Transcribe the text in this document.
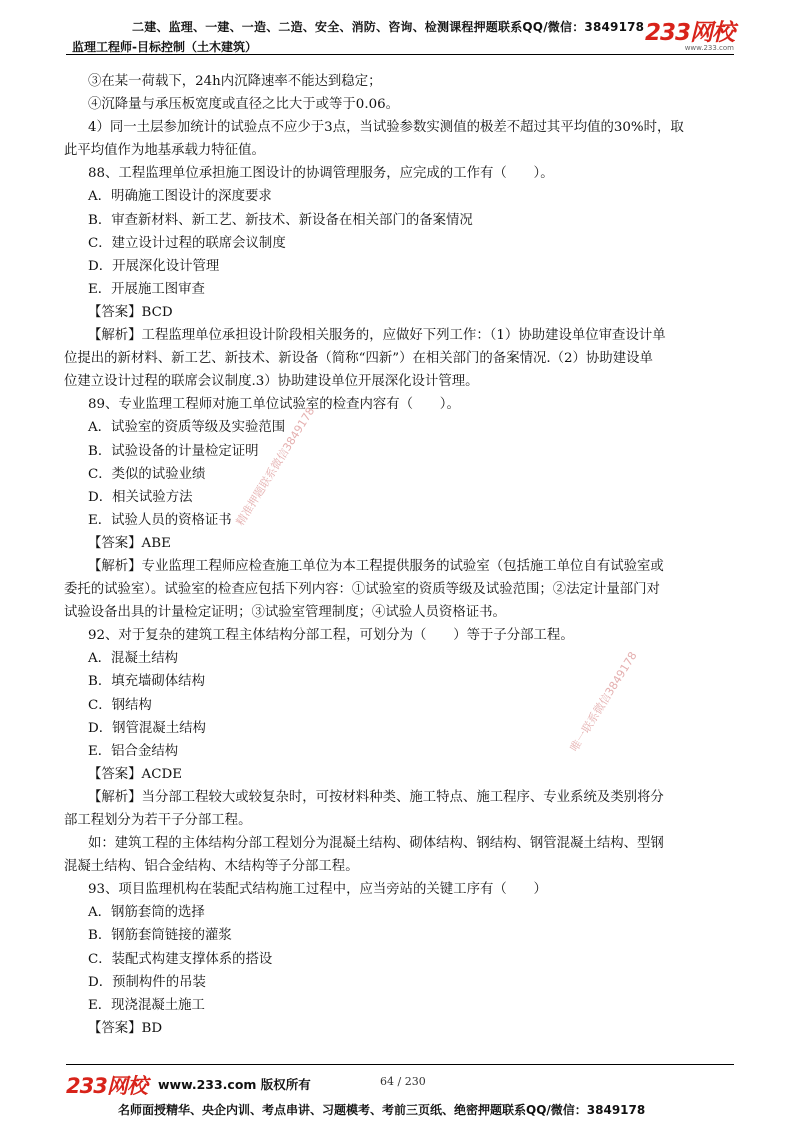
二建、监理、一建、一造、二造、安全、消防、咨询、检测课程押题联系QQ/微信：3849178
监理工程师-目标控制（土木建筑）
233网校
www.233.com

③在某一荷载下，24h内沉降速率不能达到稳定；

④沉降量与承压板宽度或直径之比大于或等于0.06。

4）同一土层参加统计的试验点不应少于3点，当试验参数实测值的极差不超过其平均值的30%时，取

此平均值作为地基承载力特征值。

88、工程监理单位承担施工图设计的协调管理服务，应完成的工作有（　　）。

A．明确施工图设计的深度要求

B．审查新材料、新工艺、新技术、新设备在相关部门的备案情况

C．建立设计过程的联席会议制度

D．开展深化设计管理

E．开展施工图审查

【答案】BCD

【解析】工程监理单位承担设计阶段相关服务的，应做好下列工作：（1）协助建设单位审查设计单

位提出的新材料、新工艺、新技术、新设备（简称“四新”）在相关部门的备案情况.（2）协助建设单

位建立设计过程的联席会议制度.3）协助建设单位开展深化设计管理。

89、专业监理工程师对施工单位试验室的检查内容有（　　）。

A．试验室的资质等级及实验范围

B．试验设备的计量检定证明

C．类似的试验业绩

D．相关试验方法

E．试验人员的资格证书

【答案】ABE

【解析】专业监理工程师应检查施工单位为本工程提供服务的试验室（包括施工单位自有试验室或

委托的试验室）。试验室的检查应包括下列内容：①试验室的资质等级及试验范围；②法定计量部门对

试验设备出具的计量检定证明；③试验室管理制度；④试验人员资格证书。

92、对于复杂的建筑工程主体结构分部工程，可划分为（　　）等于子分部工程。

A．混凝土结构

B．填充墙砌体结构

C．钢结构

D．钢管混凝土结构

E．铝合金结构

【答案】ACDE

【解析】当分部工程较大或较复杂时，可按材料种类、施工特点、施工程序、专业系统及类别将分

部工程划分为若干子分部工程。

如：建筑工程的主体结构分部工程划分为混凝土结构、砌体结构、钢结构、钢管混凝土结构、型钢

混凝土结构、铝合金结构、木结构等子分部工程。

93、项目监理机构在装配式结构施工过程中，应当旁站的关键工序有（　　）

A．钢筋套筒的选择

B．钢筋套筒链接的灌浆

C．装配式构建支撑体系的搭设

D．预制构件的吊装

E．现浇混凝土施工

【答案】BD

精准押题联系微信3849178
唯一联系微信3849178
233网校 www.233.com 版权所有	64 / 230
名师面授精华、央企内训、考点串讲、习题模考、考前三页纸、绝密押题联系QQ/微信：3849178
